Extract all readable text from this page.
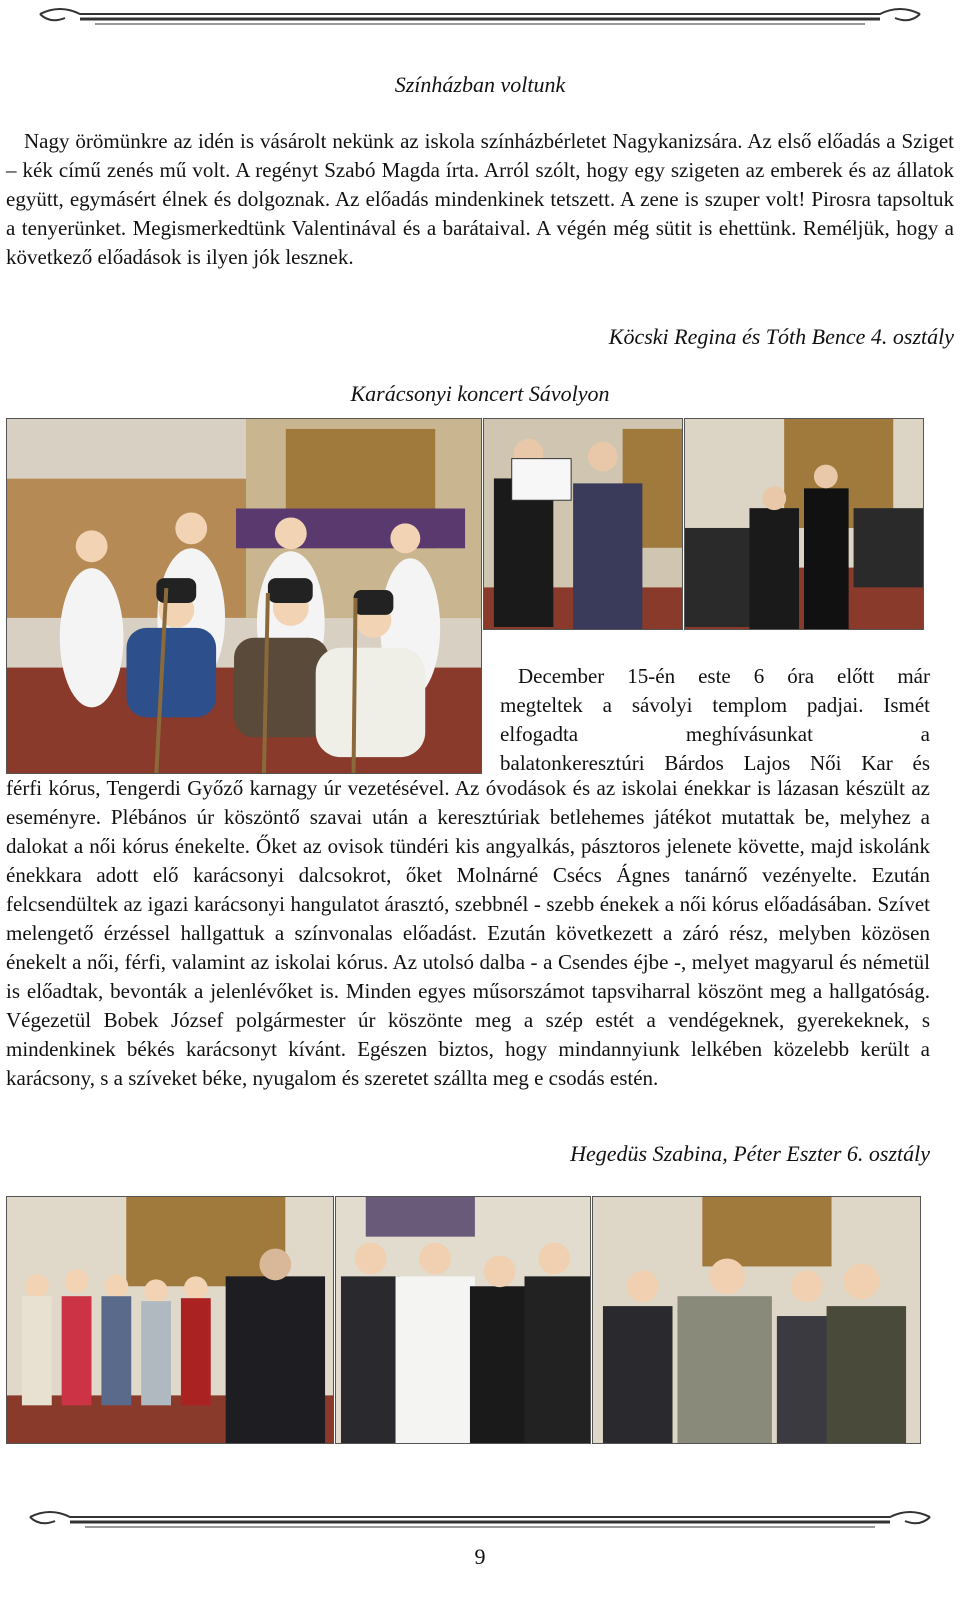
Színházban voltunk

Nagy örömünkre az idén is vásárolt nekünk az iskola színházbérletet Nagykanizsára. Az első előadás a Sziget – kék című zenés mű volt. A regényt Szabó Magda írta. Arról szólt, hogy egy szigeten az emberek és az állatok együtt, egymásért élnek és dolgoznak. Az előadás mindenkinek tetszett. A zene is szuper volt! Pirosra tapsoltuk a tenyerünket. Megismerkedtünk Valentinával és a barátaival. A végén még sütit is ehettünk. Reméljük, hogy a következő előadások is ilyen jók lesznek.

Köcski Regina és Tóth Bence 4. osztály
Karácsonyi koncert Sávolyon
December 15-én este 6 óra előtt már
megteltek a sávolyi templom padjai. Ismét
elfogadta meghívásunkat a
balatonkeresztúri Bárdos Lajos Női Kar és

férfi kórus, Tengerdi Győző karnagy úr vezetésével. Az óvodások és az iskolai énekkar is lázasan készült az eseményre. Plébános úr köszöntő szavai után a keresztúriak betlehemes játékot mutattak be, melyhez a dalokat a női kórus énekelte. Őket az ovisok tündéri kis angyalkás, pásztoros jelenete követte, majd iskolánk énekkara adott elő karácsonyi dalcsokrot, őket Molnárné Csécs Ágnes tanárnő vezényelte. Ezután felcsendültek az igazi karácsonyi hangulatot árasztó, szebbnél - szebb énekek a női kórus előadásában. Szívet melengető érzéssel hallgattuk a színvonalas előadást. Ezután következett a záró rész, melyben közösen énekelt a női, férfi, valamint az iskolai kórus. Az utolsó dalba - a Csendes éjbe -, melyet magyarul és németül is előadtak, bevonták a jelenlévőket is. Minden egyes műsorszámot tapsviharral köszönt meg a hallgatóság. Végezetül Bobek József polgármester úr köszönte meg a szép estét a vendégeknek, gyerekeknek, s mindenkinek békés karácsonyt kívánt. Egészen biztos, hogy mindannyiunk lelkében közelebb került a karácsony, s a szíveket béke, nyugalom és szeretet szállta meg e csodás estén.

Hegedüs Szabina, Péter Eszter 6. osztály
9
